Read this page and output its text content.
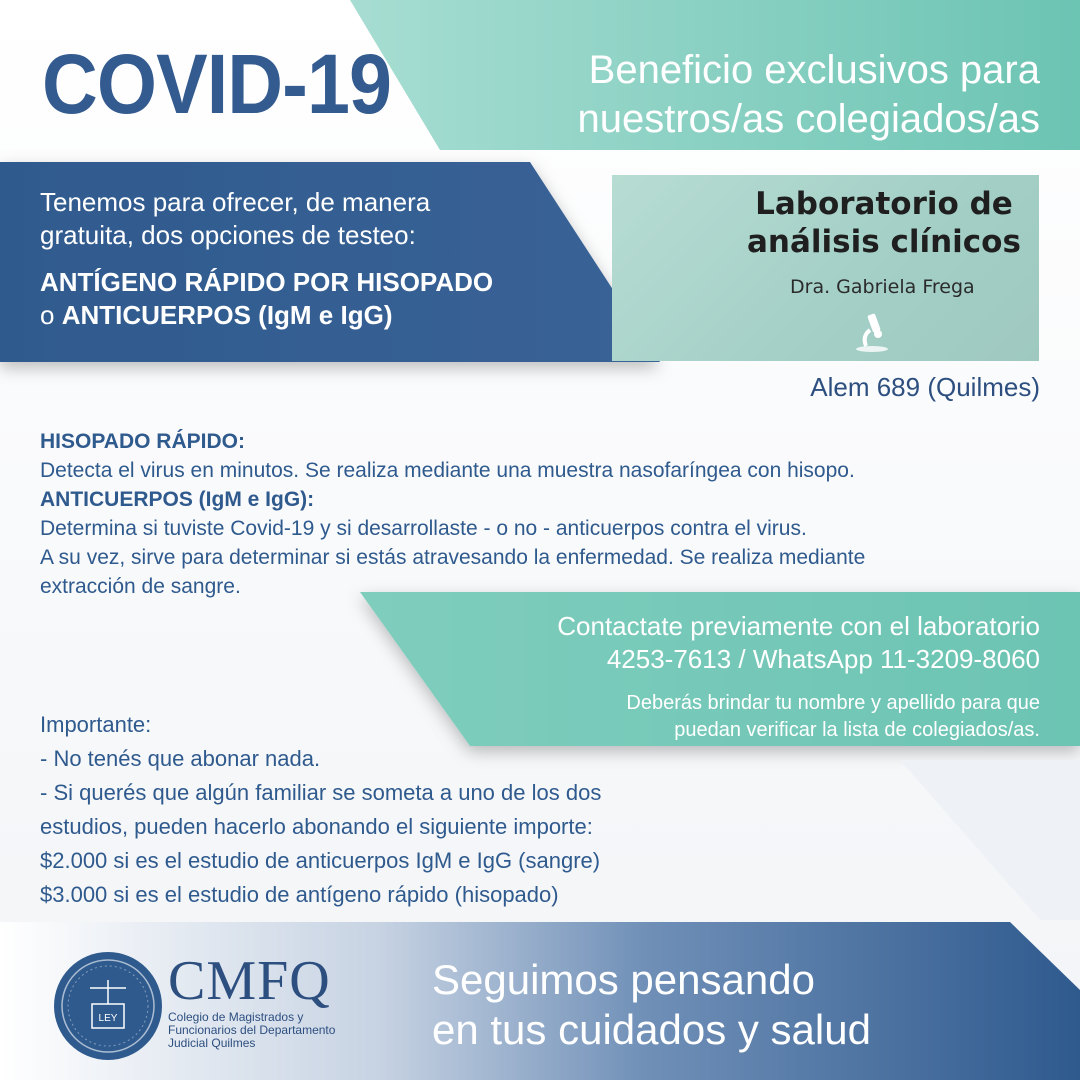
COVID-19	Beneficio exclusivos para
nuestros/as colegiados/as

Tenemos para ofrecer, de manera

gratuita, dos opciones de testeo:

ANTÍGENO RÁPIDO POR HISOPADO

o ANTICUERPOS (IgM e IgG)

Laboratorio de
análisis clínicos
Dra. Gabriela Frega
Alem 689 (Quilmes)

HISOPADO RÁPIDO:

Detecta el virus en minutos. Se realiza mediante una muestra nasofaríngea con hisopo.

ANTICUERPOS (IgM e IgG):

Determina si tuviste Covid-19 y si desarrollaste - o no - anticuerpos contra el virus.

A su vez, sirve para determinar si estás atravesando la enfermedad. Se realiza mediante

extracción de sangre.

Contactate previamente con el laboratorio
4253-7613 / WhatsApp 11-3209-8060
Deberás brindar tu nombre y apellido para que
puedan verificar la lista de colegiados/as.

Importante:

- No tenés que abonar nada.

- Si querés que algún familiar se someta a uno de los dos

estudios, pueden hacerlo abonando el siguiente importe:

$2.000 si es el estudio de anticuerpos IgM e IgG (sangre)

$3.000 si es el estudio de antígeno rápido (hisopado)

LEY
CMFQ
Colegio de Magistrados y
Funcionarios del Departamento
Judicial Quilmes
Seguimos pensando
en tus cuidados y salud
